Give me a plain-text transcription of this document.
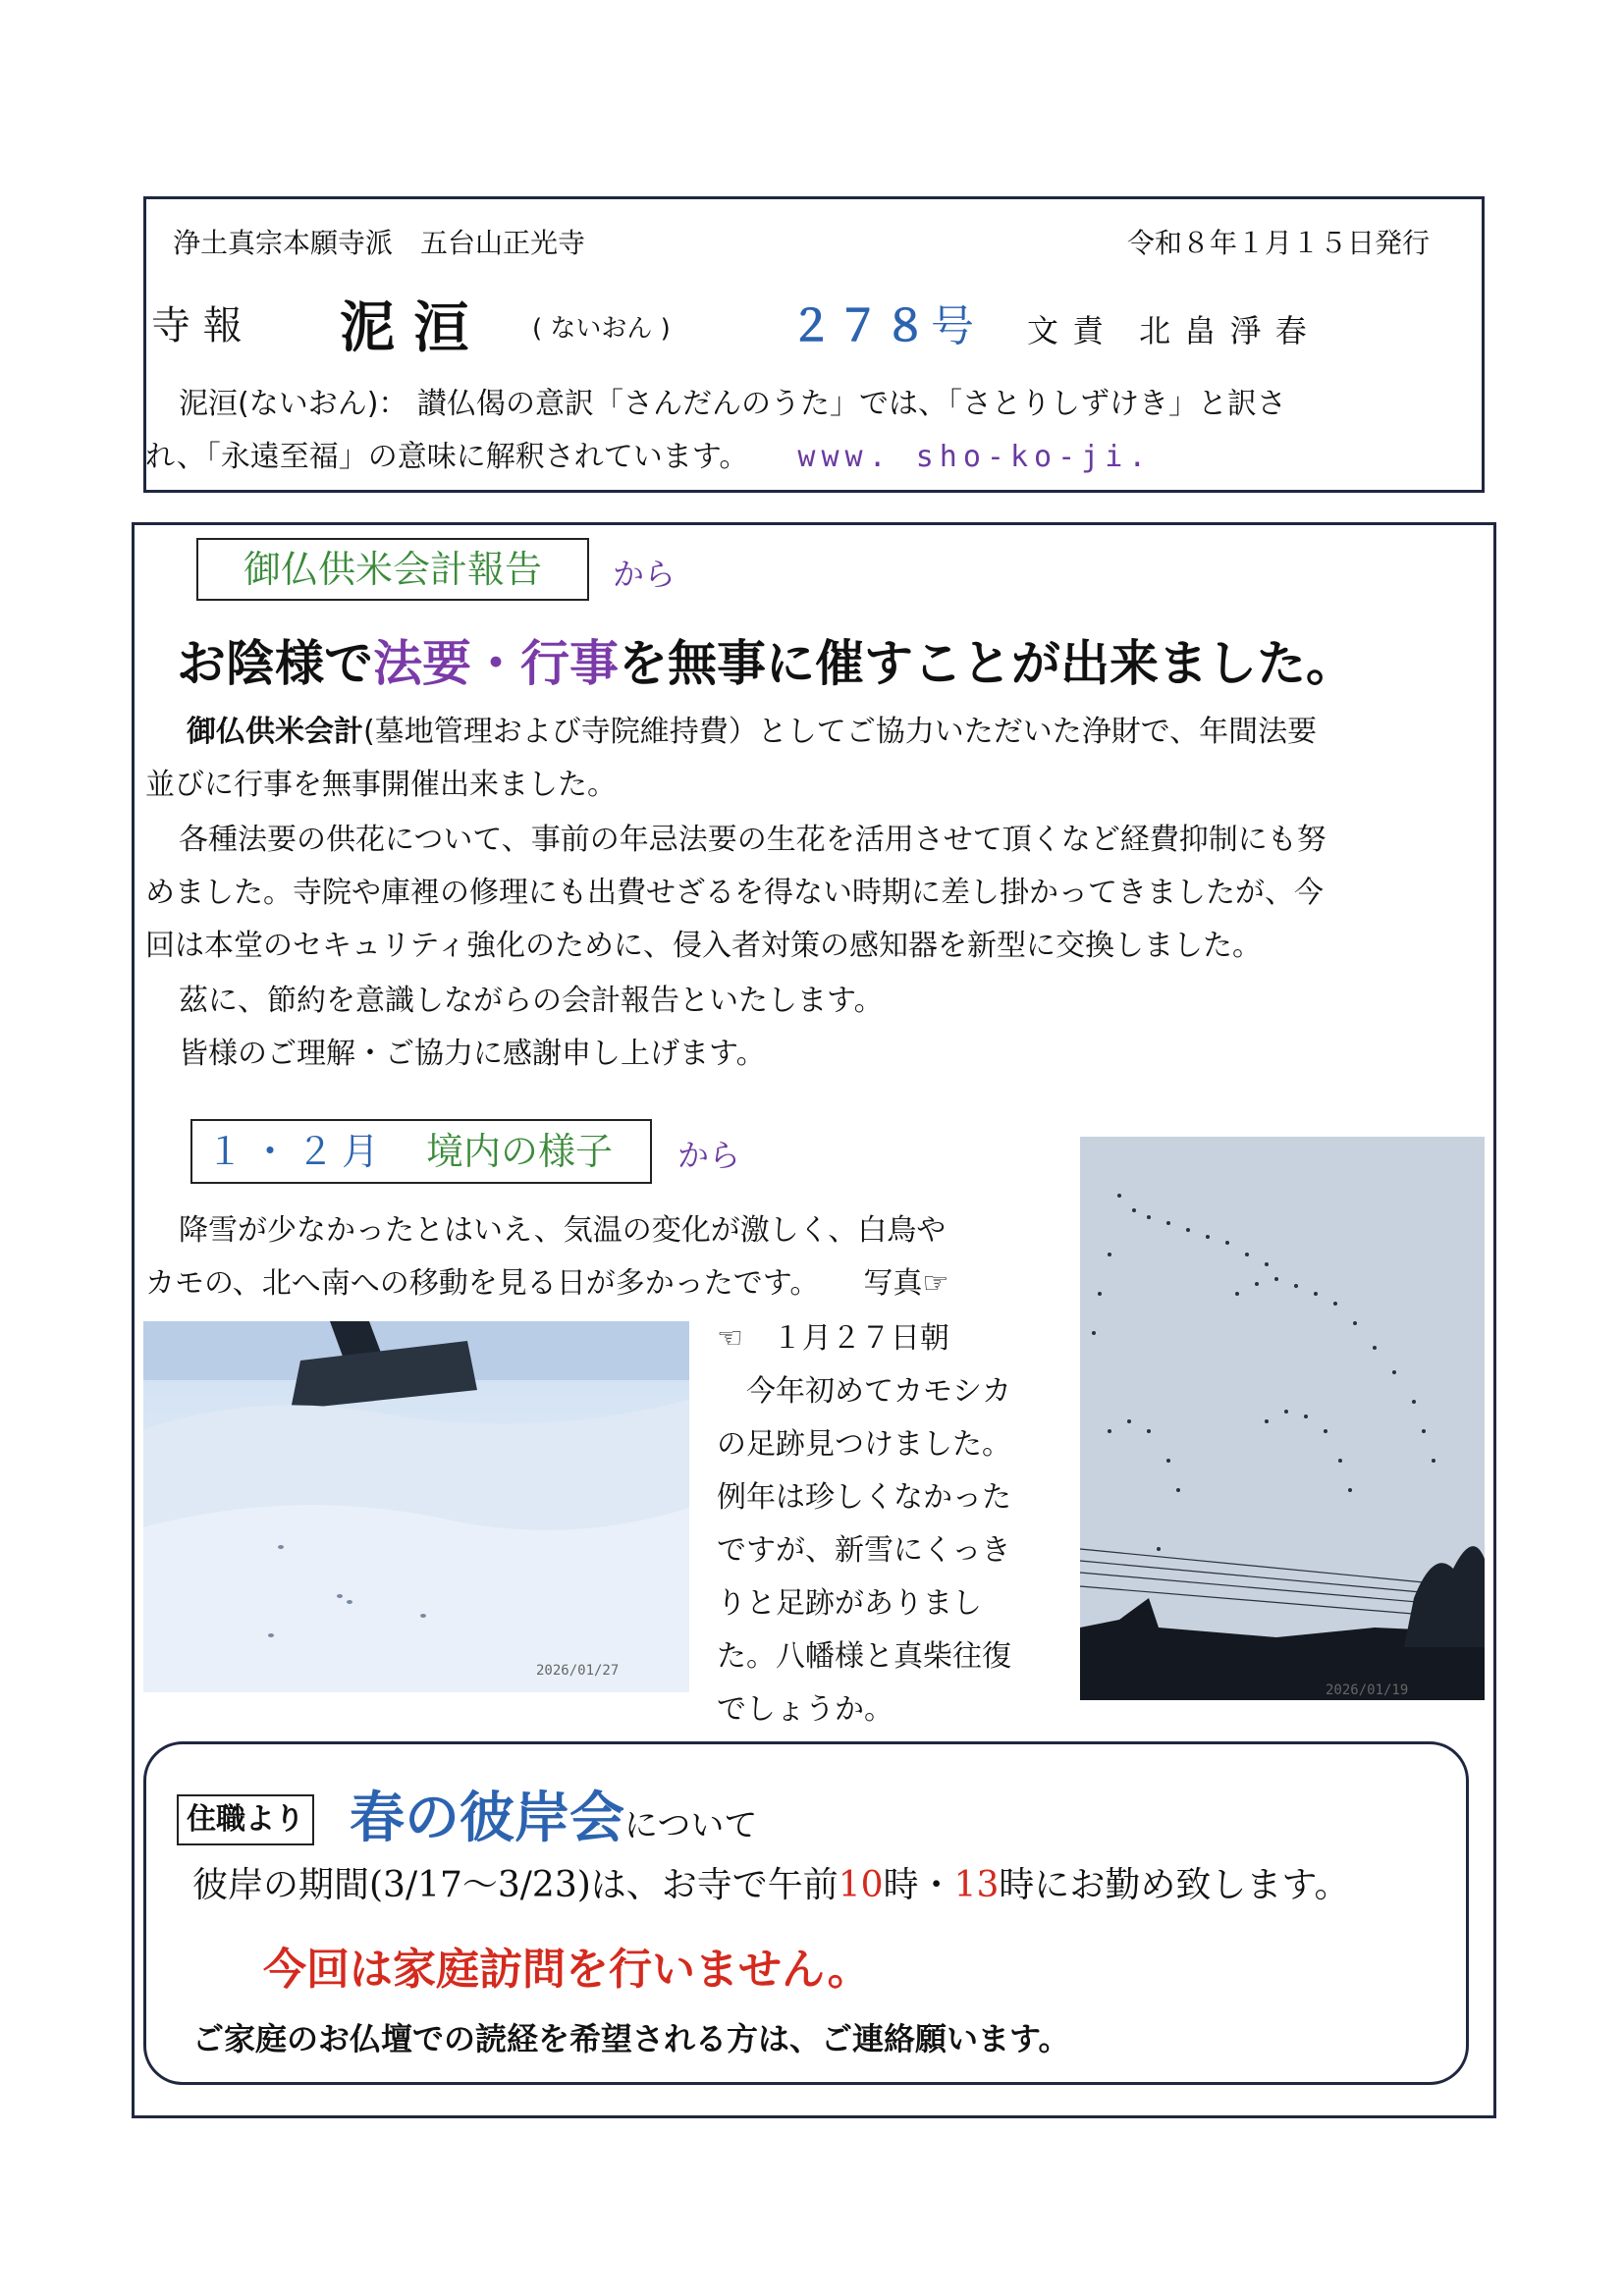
浄土真宗本願寺派　五台山正光寺	令和８年１月１５日発行
寺 報 泥 洹 ( ないおん )	２７８号 文 責　北 畠 淨 春
泥洹(ないおん)： 讃仏偈の意訳「さんだんのうた」では、「さとりしずけき」と訳さ
れ、「永遠至福」の意味に解釈されています。 www. sho-ko-ji.
御仏供米会計報告	から
お陰様で法要・行事を無事に催すことが出来ました。
御仏供米会計(墓地管理および寺院維持費）としてご協力いただいた浄財で、年間法要
並びに行事を無事開催出来ました。
各種法要の供花について、事前の年忌法要の生花を活用させて頂くなど経費抑制にも努
めました。寺院や庫裡の修理にも出費せざるを得ない時期に差し掛かってきましたが、今
回は本堂のセキュリティ強化のために、侵入者対策の感知器を新型に交換しました。
茲に、節約を意識しながらの会計報告といたします。
皆様のご理解・ご協力に感謝申し上げます。
１・２月 境内の様子	から
降雪が少なかったとはいえ、気温の変化が激しく、白鳥や
カモの、北へ南への移動を見る日が多かったです。　　写真☞
2026/01/27
☜　１月２７日朝
今年初めてカモシカ
の足跡見つけました。
例年は珍しくなかった
ですが、新雪にくっき
りと足跡がありまし
た。八幡様と真柴往復
でしょうか。
2026/01/19
住職より 春の彼岸会について
彼岸の期間(3/17～3/23)は、お寺で午前10時・13時にお勤め致します。
今回は家庭訪問を行いません。
ご家庭のお仏壇での読経を希望される方は、ご連絡願います。
